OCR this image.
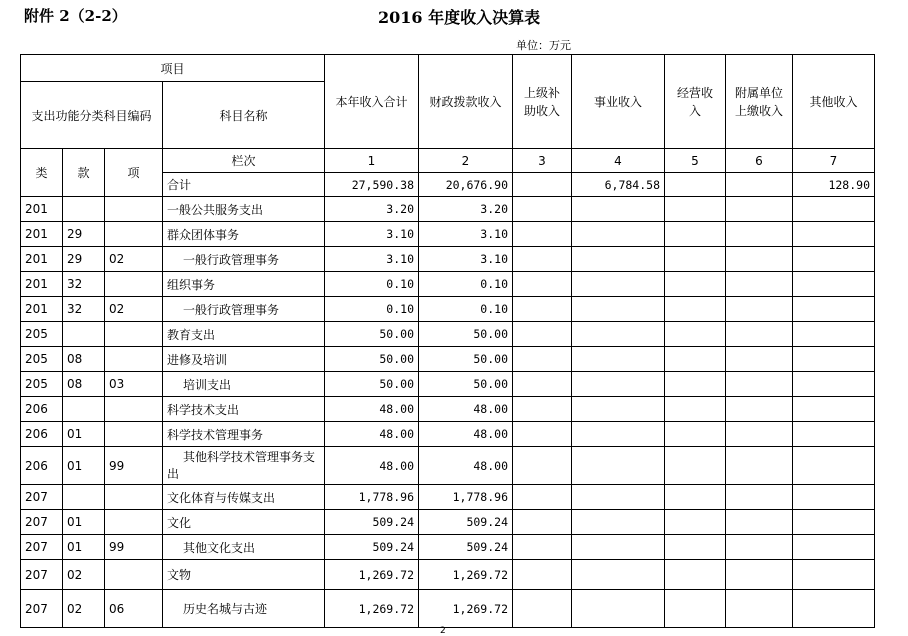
附件 2（2-2）	2016 年度收入决算表
单位：万元
项目				本年收入合计	财政拨款收入	上级补助收入	事业收入	经营收入	附属单位上缴收入	其他收入
支出功能分类科目编码			科目名称							
类	款	项	栏次	1	2	3	4	5	6	7
			合计	27,590.38	20,676.90		6,784.58			128.90
201			一般公共服务支出	3.20	3.20					
201	29		群众团体事务	3.10	3.10					
201	29	02	一般行政管理事务	3.10	3.10					
201	32		组织事务	0.10	0.10					
201	32	02	一般行政管理事务	0.10	0.10					
205			教育支出	50.00	50.00					
205	08		进修及培训	50.00	50.00					
205	08	03	培训支出	50.00	50.00					
206			科学技术支出	48.00	48.00					
206	01		科学技术管理事务	48.00	48.00					
206	01	99	其他科学技术管理事务支出	48.00	48.00					
207			文化体育与传媒支出	1,778.96	1,778.96					
207	01		文化	509.24	509.24					
207	01	99	其他文化支出	509.24	509.24					
207	02		文物	1,269.72	1,269.72					
207	02	06	历史名城与古迹	1,269.72	1,269.72					
2
